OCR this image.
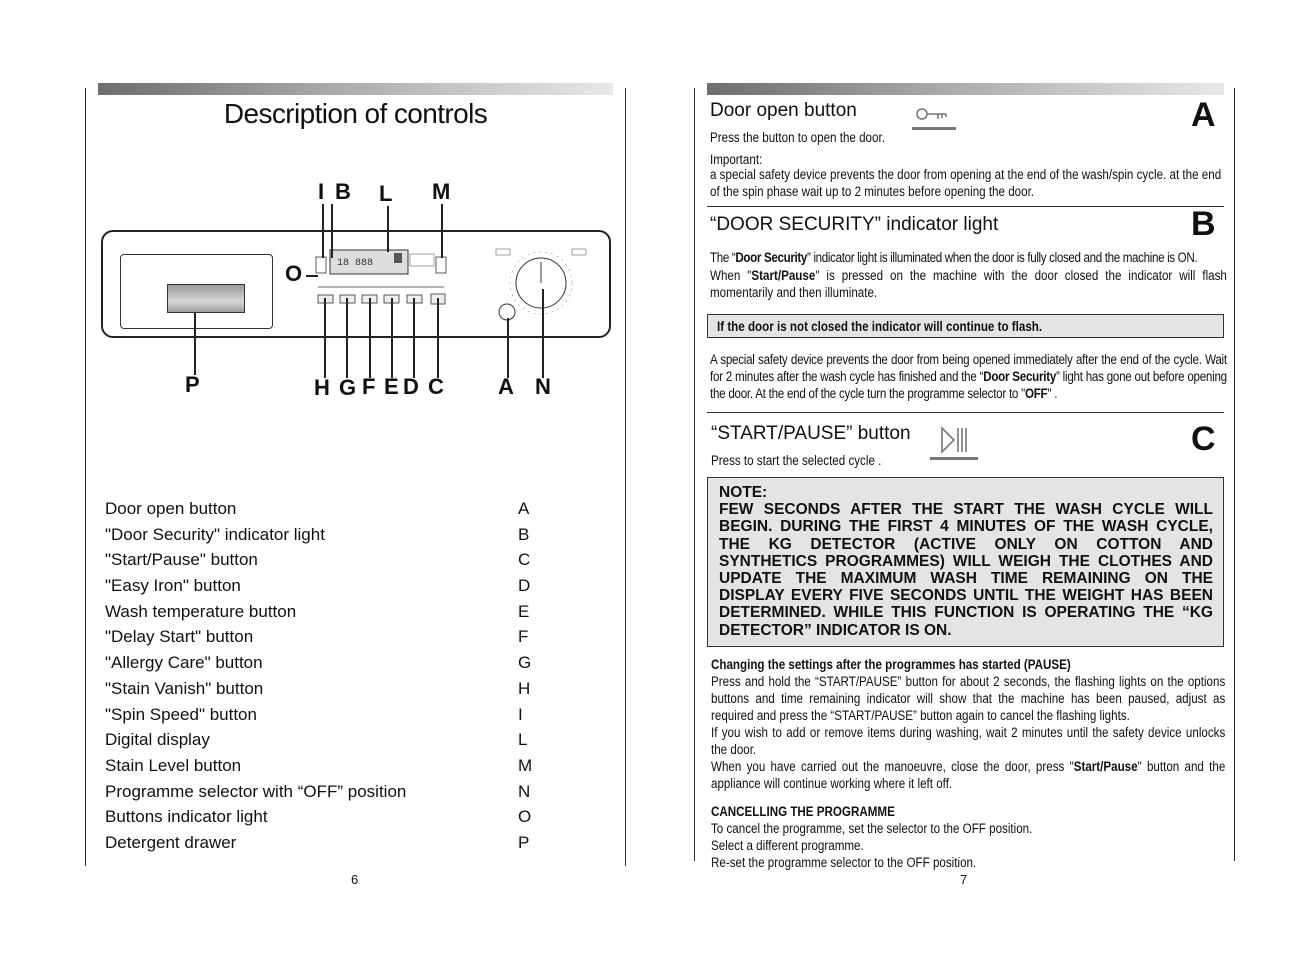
Description of controls
I B L M
O	18 888
P	H G F E D C A N
Door open button	A
"Door Security" indicator light	B
"Start/Pause" button	C
"Easy Iron" button	D
Wash temperature button	E
"Delay Start" button	F
"Allergy Care" button	G
"Stain Vanish" button	H
"Spin Speed" button	I
Digital display	L
Stain Level button	M
Programme selector with “OFF” position	N
Buttons indicator light	O
Detergent drawer	P
6
Door open button	A
Press the button to open the door.
Important:
a special safety device prevents the door from opening at the end of the wash/spin cycle. at the end of the spin phase wait up to 2 minutes before opening the door.
“DOOR SECURITY” indicator light	B
The “Door Security” indicator light is illuminated when the door is fully closed and the machine is ON.
When "Start/Pause" is pressed on the machine with the door closed the indicator will flash momentarily and then illuminate.
If the door is not closed the indicator will continue to flash.
A special safety device prevents the door from being opened immediately after the end of the cycle. Wait for 2 minutes after the wash cycle has finished and the “Door Security” light has gone out before opening the door. At the end of the cycle turn the programme selector to "OFF" .
“START/PAUSE” button	C
Press to start the selected cycle .
NOTE:
FEW SECONDS AFTER THE START THE WASH CYCLE WILL BEGIN. DURING THE FIRST 4 MINUTES OF THE WASH CYCLE, THE KG DETECTOR (ACTIVE ONLY ON COTTON AND SYNTHETICS PROGRAMMES) WILL WEIGH THE CLOTHES AND UPDATE THE MAXIMUM WASH TIME REMAINING ON THE DISPLAY EVERY FIVE SECONDS UNTIL THE WEIGHT HAS BEEN DETERMINED. WHILE THIS FUNCTION IS OPERATING THE “KG DETECTOR” INDICATOR IS ON.
Changing the settings after the programmes has started (PAUSE)
Press and hold the “START/PAUSE” button for about 2 seconds, the flashing lights on the options buttons and time remaining indicator will show that the machine has been paused, adjust as required and press the “START/PAUSE” button again to cancel the flashing lights.
If you wish to add or remove items during washing, wait 2 minutes until the safety device unlocks the door.
When you have carried out the manoeuvre, close the door, press "Start/Pause" button and the appliance will continue working where it left off.
CANCELLING THE PROGRAMME
To cancel the programme, set the selector to the OFF position.
Select a different programme.
Re-set the programme selector to the OFF position.
7
